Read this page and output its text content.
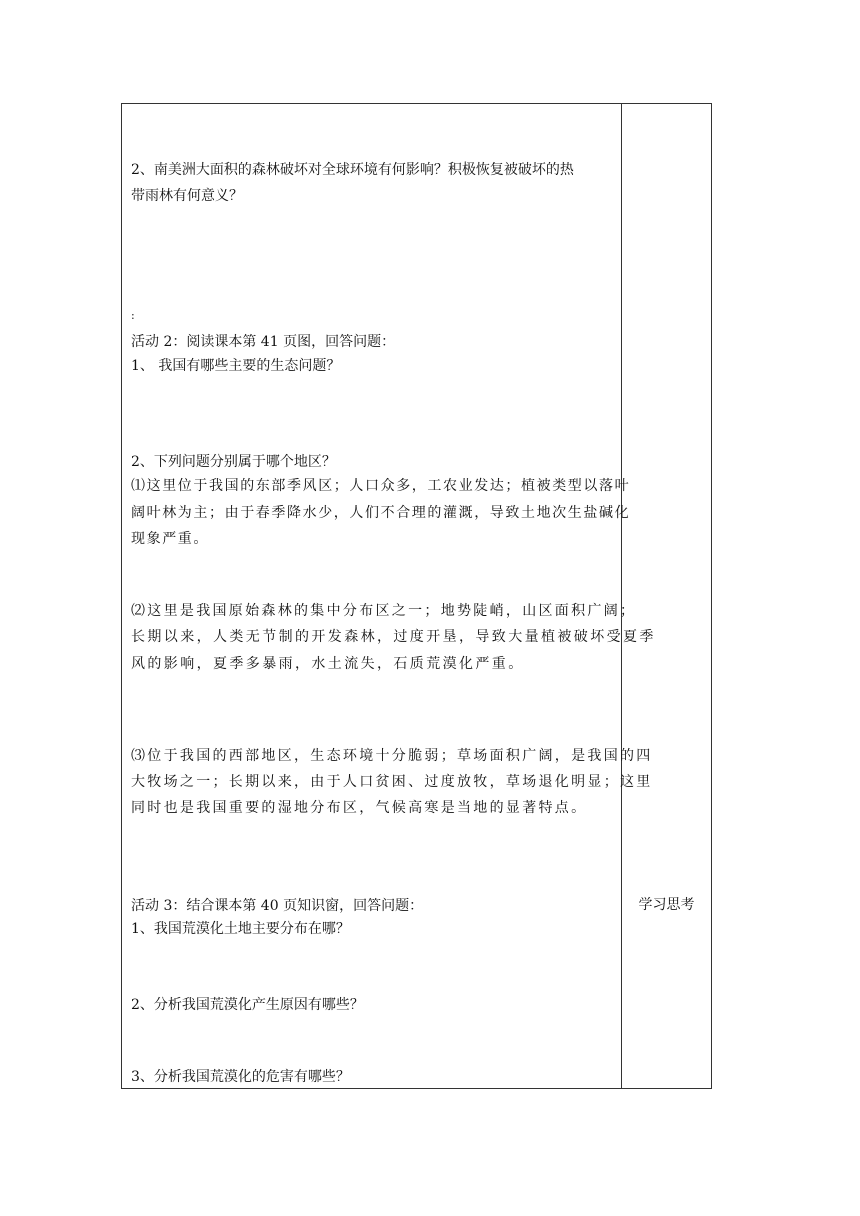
2、南美洲大面积的森林破坏对全球环境有何影响？积极恢复被破坏的热
带雨林有何意义？
:
活动 2：阅读课本第 41 页图，回答问题：
1、 我国有哪些主要的生态问题？
2、下列问题分别属于哪个地区？
⑴这里位于我国的东部季风区；人口众多，工农业发达；植被类型以落叶
阔叶林为主；由于春季降水少，人们不合理的灌溉，导致土地次生盐碱化
现象严重。
⑵这里是我国原始森林的集中分布区之一；地势陡峭，山区面积广阔；
长期以来，人类无节制的开发森林，过度开垦，导致大量植被破坏受夏季
风的影响，夏季多暴雨，水土流失，石质荒漠化严重。
⑶位于我国的西部地区，生态环境十分脆弱；草场面积广阔，是我国的四
大牧场之一；长期以来，由于人口贫困、过度放牧，草场退化明显；这里
同时也是我国重要的湿地分布区，气候高寒是当地的显著特点。
活动 3：结合课本第 40 页知识窗，回答问题：
1、我国荒漠化土地主要分布在哪？
2、分析我国荒漠化产生原因有哪些？
3、分析我国荒漠化的危害有哪些？
学习思考
